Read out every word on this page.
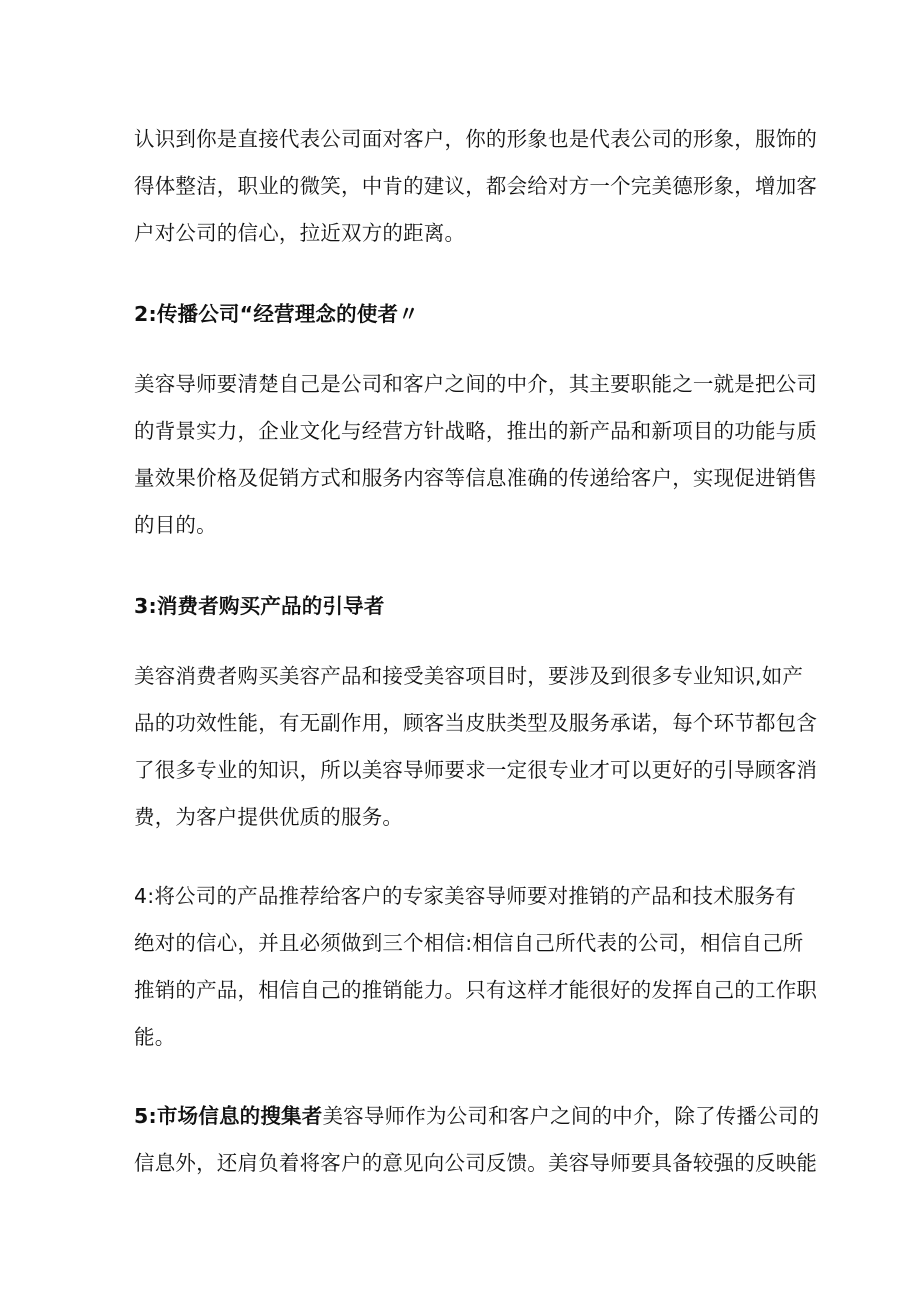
认识到你是直接代表公司面对客户，你的形象也是代表公司的形象，服饰的
得体整洁，职业的微笑，中肯的建议，都会给对方一个完美德形象，增加客
户对公司的信心，拉近双方的距离。

2:传播公司“经营理念的使者〃

美容导师要清楚自己是公司和客户之间的中介，其主要职能之一就是把公司
的背景实力，企业文化与经营方针战略，推出的新产品和新项目的功能与质
量效果价格及促销方式和服务内容等信息准确的传递给客户，实现促进销售
的目的。

3:消费者购买产品的引导者

美容消费者购买美容产品和接受美容项目时，要涉及到很多专业知识,如产
品的功效性能，有无副作用，顾客当皮肤类型及服务承诺，每个环节都包含
了很多专业的知识，所以美容导师要求一定很专业才可以更好的引导顾客消
费，为客户提供优质的服务。

4:将公司的产品推荐给客户的专家美容导师要对推销的产品和技术服务有
绝对的信心，并且必须做到三个相信:相信自己所代表的公司，相信自己所
推销的产品，相信自己的推销能力。只有这样才能很好的发挥自己的工作职
能。

5:市场信息的搜集者美容导师作为公司和客户之间的中介，除了传播公司的
信息外，还肩负着将客户的意见向公司反馈。美容导师要具备较强的反映能
